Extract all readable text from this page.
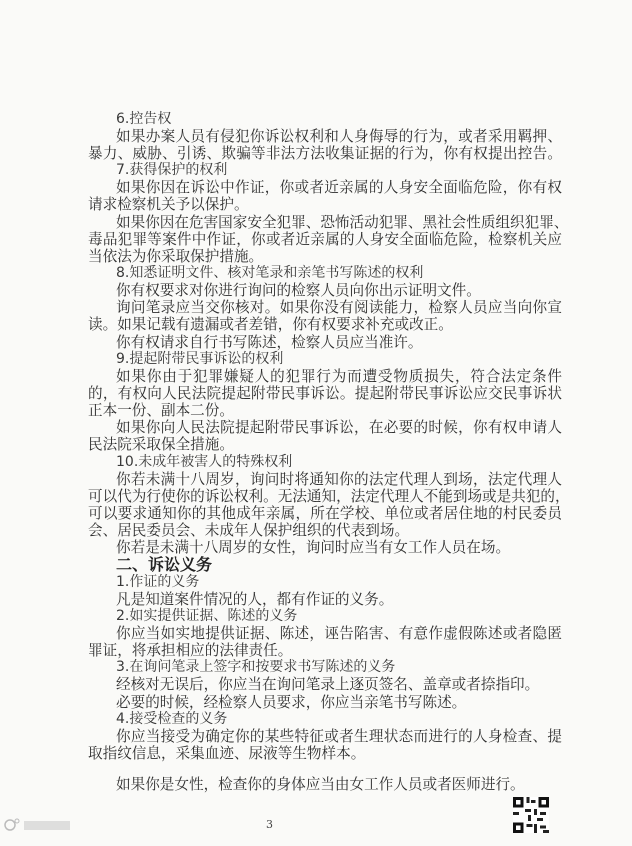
6.控告权
如果办案人员有侵犯你诉讼权利和人身侮辱的行为，或者采用羁押、
暴力、威胁、引诱、欺骗等非法方法收集证据的行为，你有权提出控告。
7.获得保护的权利
如果你因在诉讼中作证，你或者近亲属的人身安全面临危险，你有权
请求检察机关予以保护。
如果你因在危害国家安全犯罪、恐怖活动犯罪、黑社会性质组织犯罪、
毒品犯罪等案件中作证，你或者近亲属的人身安全面临危险，检察机关应
当依法为你采取保护措施。
8.知悉证明文件、核对笔录和亲笔书写陈述的权利
你有权要求对你进行询问的检察人员向你出示证明文件。
询问笔录应当交你核对。如果你没有阅读能力，检察人员应当向你宣
读。如果记载有遗漏或者差错，你有权要求补充或改正。
你有权请求自行书写陈述，检察人员应当准许。
9.提起附带民事诉讼的权利
如果你由于犯罪嫌疑人的犯罪行为而遭受物质损失，符合法定条件
的，有权向人民法院提起附带民事诉讼。提起附带民事诉讼应交民事诉状
正本一份、副本二份。
如果你向人民法院提起附带民事诉讼，在必要的时候，你有权申请人
民法院采取保全措施。
10.未成年被害人的特殊权利
你若未满十八周岁，询问时将通知你的法定代理人到场，法定代理人
可以代为行使你的诉讼权利。无法通知，法定代理人不能到场或是共犯的，
可以要求通知你的其他成年亲属，所在学校、单位或者居住地的村民委员
会、居民委员会、未成年人保护组织的代表到场。
你若是未满十八周岁的女性，询问时应当有女工作人员在场。
二、诉讼义务
1.作证的义务
凡是知道案件情况的人，都有作证的义务。
2.如实提供证据、陈述的义务
你应当如实地提供证据、陈述，诬告陷害、有意作虚假陈述或者隐匿
罪证，将承担相应的法律责任。
3.在询问笔录上签字和按要求书写陈述的义务
经核对无误后，你应当在询问笔录上逐页签名、盖章或者捺指印。
必要的时候，经检察人员要求，你应当亲笔书写陈述。
4.接受检查的义务
你应当接受为确定你的某些特征或者生理状态而进行的人身检查、提
取指纹信息，采集血迹、尿液等生物样本。
如果你是女性，检查你的身体应当由女工作人员或者医师进行。
3
